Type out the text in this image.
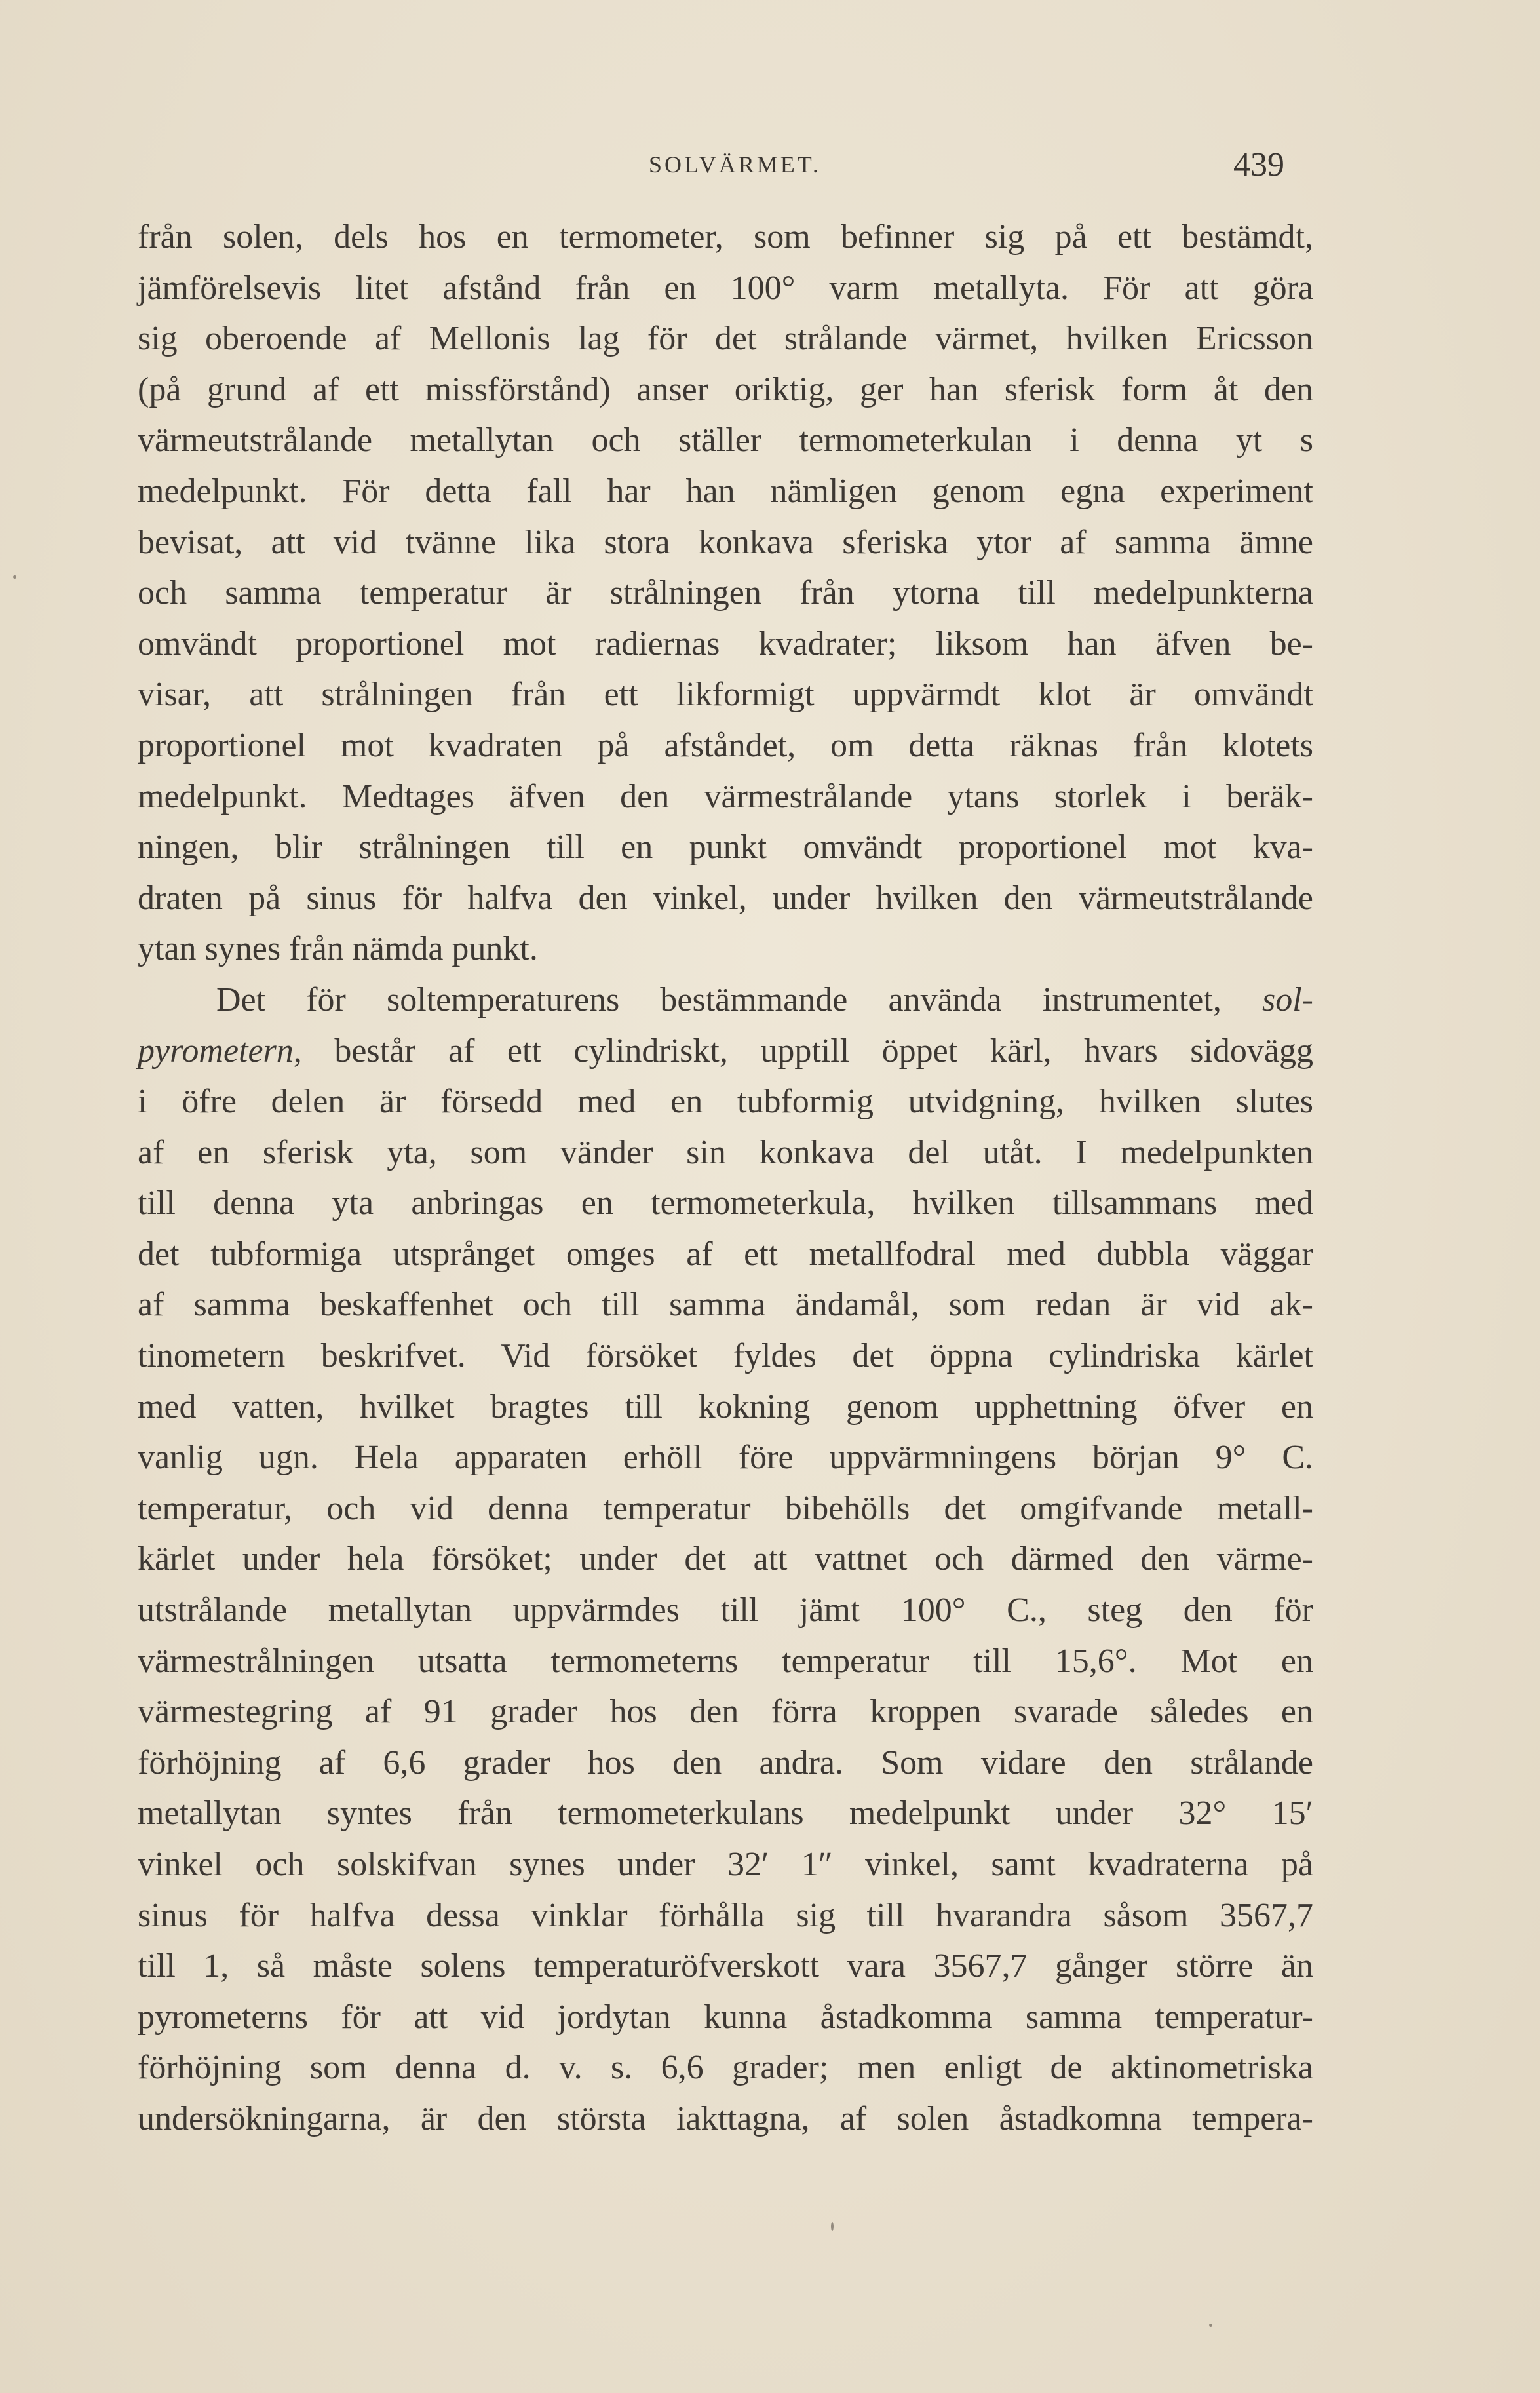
SOLVÄRMET.	439
från solen, dels hos en termometer, som befinner sig på ett bestämdt,
jämförelsevis litet afstånd från en 100° varm metallyta. För att göra
sig oberoende af Mellonis lag för det strålande värmet, hvilken Ericsson
(på grund af ett missförstånd) anser oriktig, ger han sferisk form åt den
värmeutstrålande metallytan och ställer termometerkulan i denna yt s
medelpunkt. För detta fall har han nämligen genom egna experiment
bevisat, att vid tvänne lika stora konkava sferiska ytor af samma ämne
och samma temperatur är strålningen från ytorna till medelpunkterna
omvändt proportionel mot radiernas kvadrater; liksom han äfven be-
visar, att strålningen från ett likformigt uppvärmdt klot är omvändt
proportionel mot kvadraten på afståndet, om detta räknas från klotets
medelpunkt. Medtages äfven den värmestrålande ytans storlek i beräk-
ningen, blir strålningen till en punkt omvändt proportionel mot kva-
draten på sinus för halfva den vinkel, under hvilken den värmeutstrålande
ytan synes från nämda punkt.
Det för soltemperaturens bestämmande använda instrumentet, sol-
pyrometern, består af ett cylindriskt, upptill öppet kärl, hvars sidovägg
i öfre delen är försedd med en tubformig utvidgning, hvilken slutes
af en sferisk yta, som vänder sin konkava del utåt. I medelpunkten
till denna yta anbringas en termometerkula, hvilken tillsammans med
det tubformiga utsprånget omges af ett metallfodral med dubbla väggar
af samma beskaffenhet och till samma ändamål, som redan är vid ak-
tinometern beskrifvet. Vid försöket fyldes det öppna cylindriska kärlet
med vatten, hvilket bragtes till kokning genom upphettning öfver en
vanlig ugn. Hela apparaten erhöll före uppvärmningens början 9° C.
temperatur, och vid denna temperatur bibehölls det omgifvande metall-
kärlet under hela försöket; under det att vattnet och därmed den värme-
utstrålande metallytan uppvärmdes till jämt 100° C., steg den för
värmestrålningen utsatta termometerns temperatur till 15,6°. Mot en
värmestegring af 91 grader hos den förra kroppen svarade således en
förhöjning af 6,6 grader hos den andra. Som vidare den strålande
metallytan syntes från termometerkulans medelpunkt under 32° 15′
vinkel och solskifvan synes under 32′ 1″ vinkel, samt kvadraterna på
sinus för halfva dessa vinklar förhålla sig till hvarandra såsom 3567,7
till 1, så måste solens temperaturöfverskott vara 3567,7 gånger större än
pyrometerns för att vid jordytan kunna åstadkomma samma temperatur-
förhöjning som denna d. v. s. 6,6 grader; men enligt de aktinometriska
undersökningarna, är den största iakttagna, af solen åstadkomna tempera-
